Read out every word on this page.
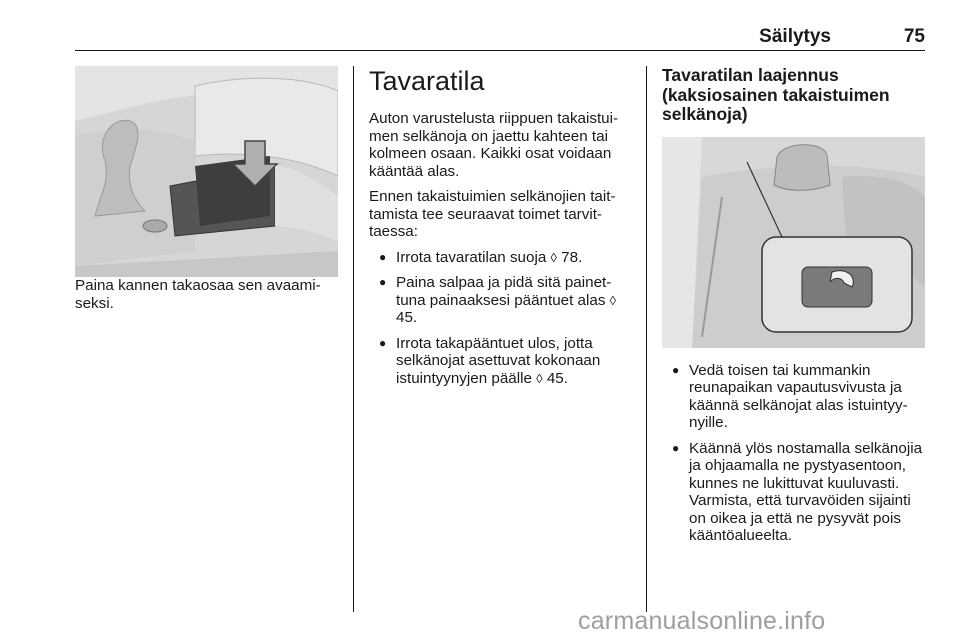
Säilytys	75

Paina kannen takaosaa sen avaamiseksi.

Tavaratila

Auton varustelusta riippuen takaistuimen selkänoja on jaettu kahteen tai kolmeen osaan. Kaikki osat voidaan kääntää alas.

Ennen takaistuimien selkänojien taittamista tee seuraavat toimet tarvittaessa:

● Irrota tavaratilan suoja ◊ 78.
● Paina salpaa ja pidä sitä painettuna painaaksesi pääntuet alas ◊ 45.
● Irrota takapääntuet ulos, jotta selkänojat asettuvat kokonaan istuintyynyjen päälle ◊ 45.
Tavaratilan laajennus (kaksiosainen takaistuimen selkänoja)
● Vedä toisen tai kummankin reunapaikan vapautusvivusta ja käännä selkänojat alas istuintyynyille.
● Käännä ylös nostamalla selkänojia ja ohjaamalla ne pystyasentoon, kunnes ne lukittuvat kuuluvasti. Varmista, että turvavöiden sijainti on oikea ja että ne pysyvät pois kääntöalueelta.
carmanualsonline.info
